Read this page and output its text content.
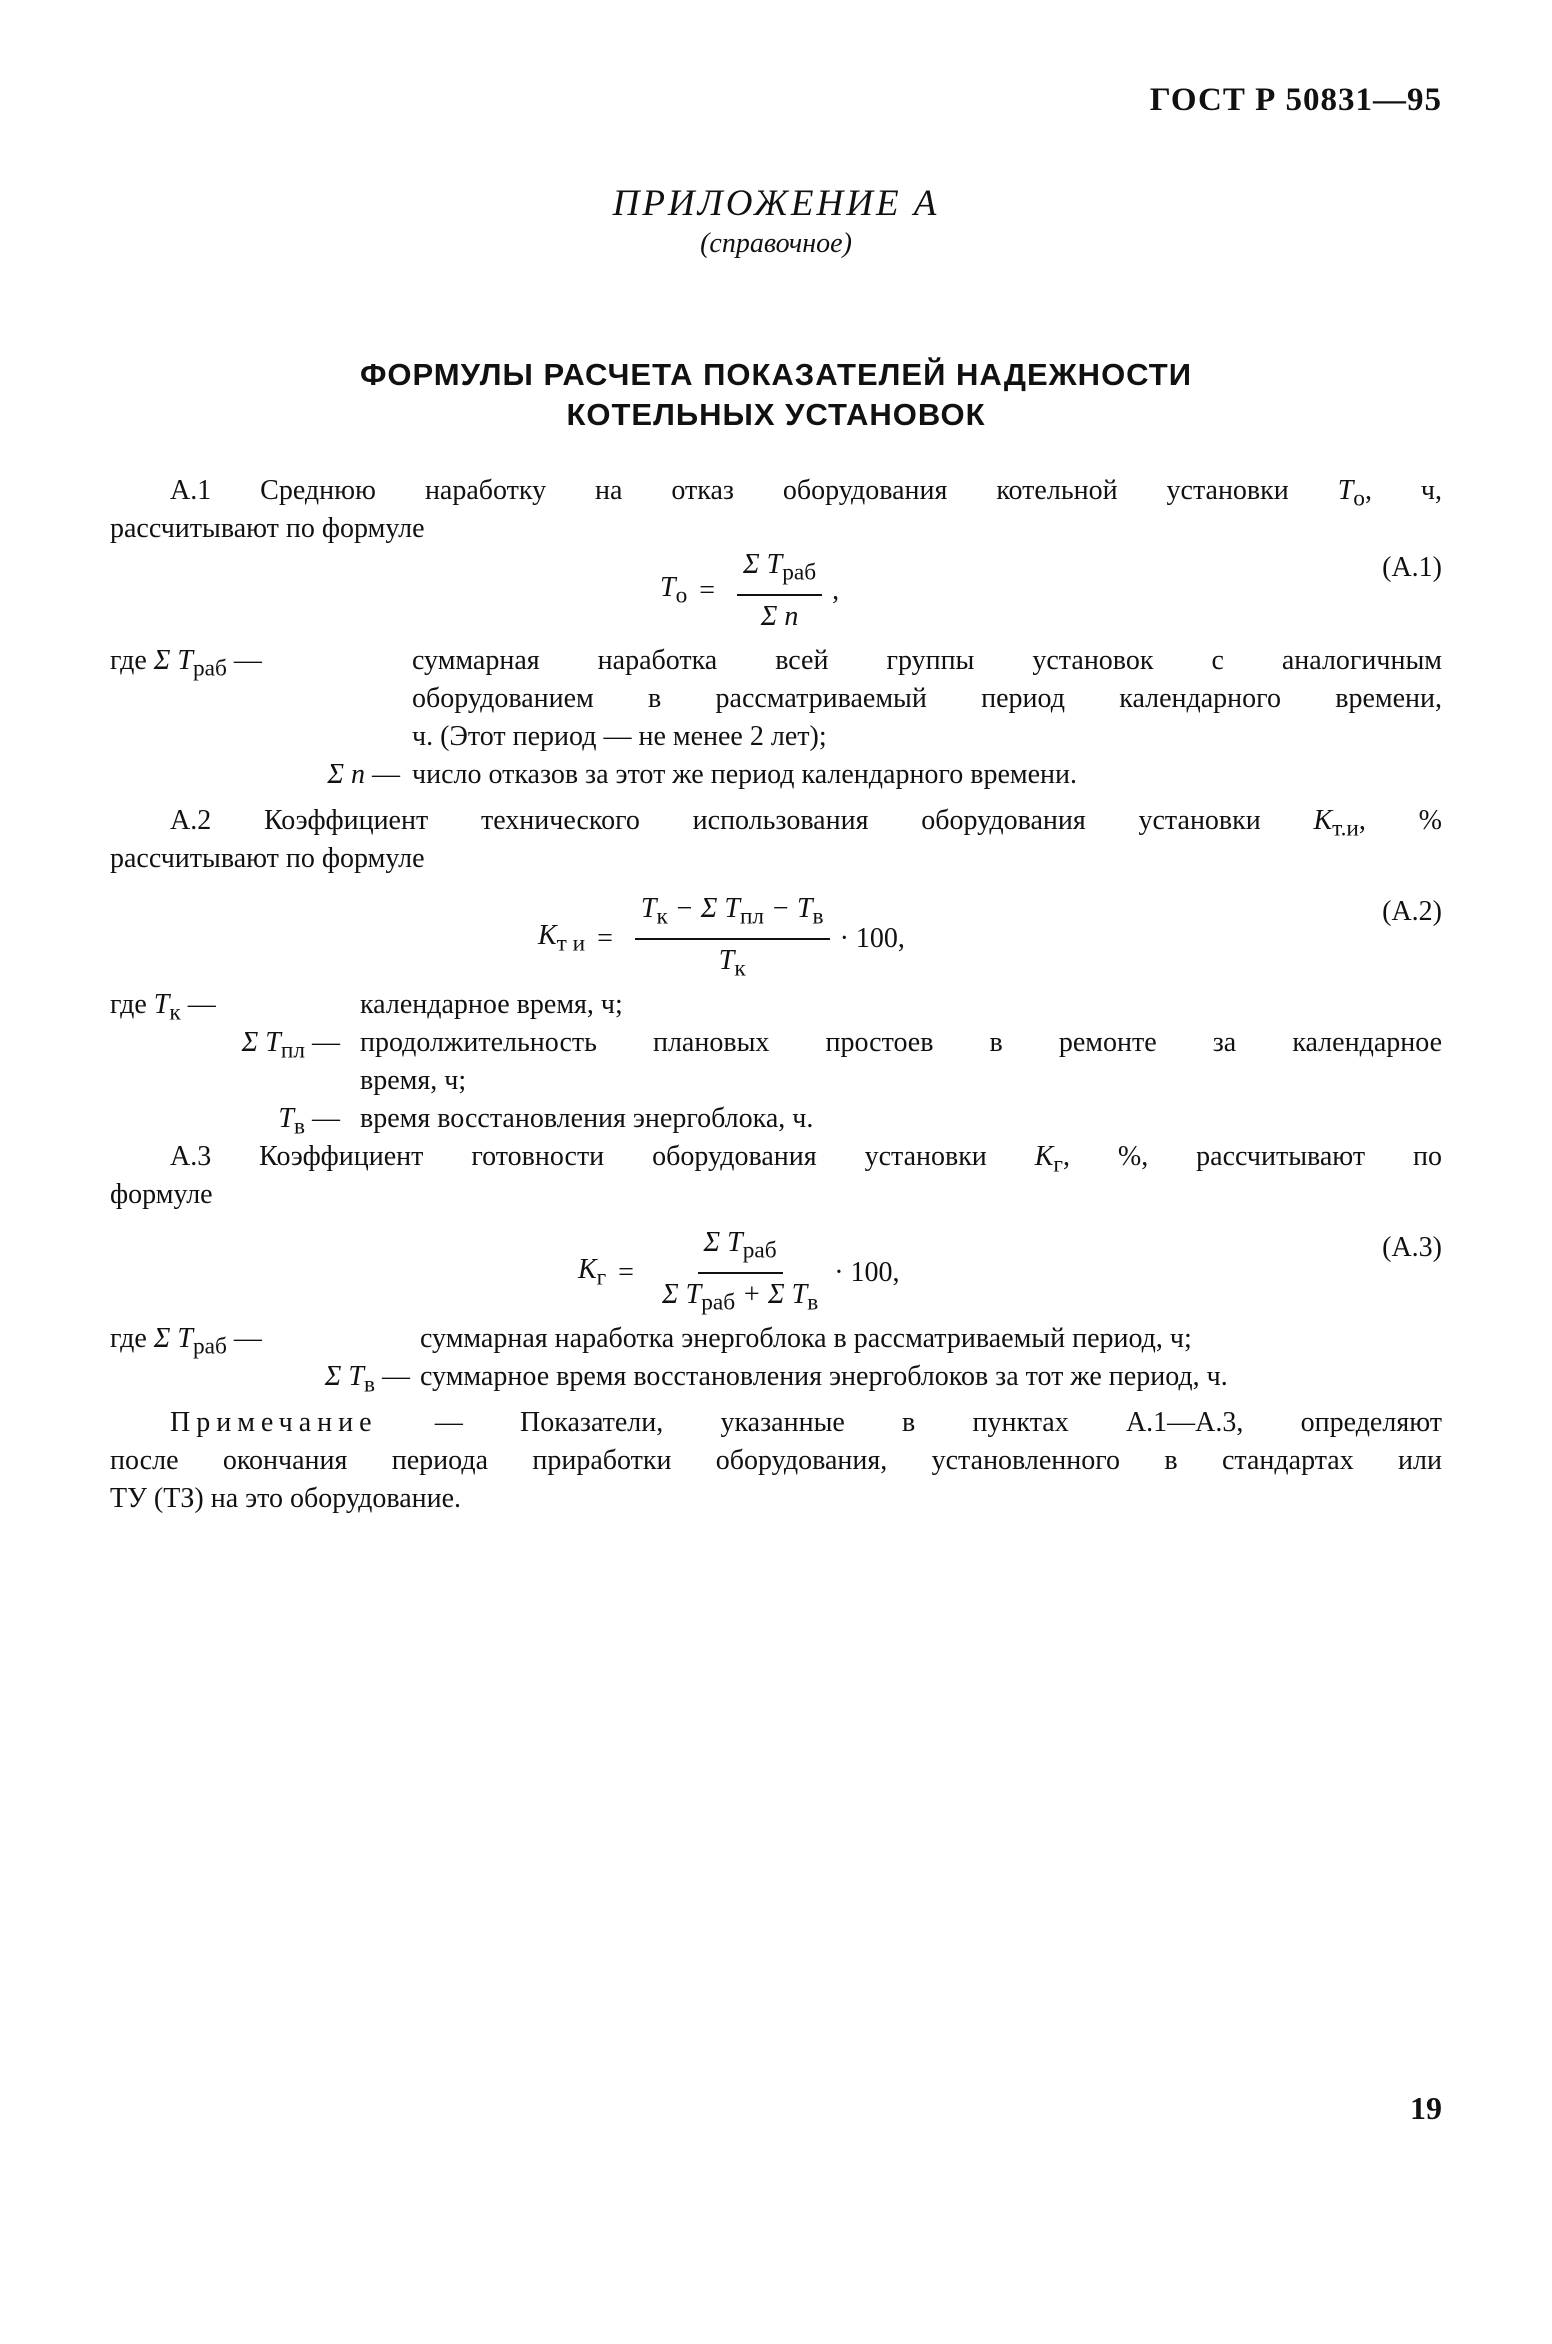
ГОСТ Р 50831—95
ПРИЛОЖЕНИЕ А
(справочное)
ФОРМУЛЫ РАСЧЕТА ПОКАЗАТЕЛЕЙ НАДЕЖНОСТИ
КОТЕЛЬНЫХ УСТАНОВОК
А.1 Среднюю наработку на отказ оборудования котельной установки $Т_о$, ч,
рассчитывают по формуле
$Т_о = \frac{\Sigma Т_{раб}}{\text{Σ n}}$ ,
(А.1)
где Σ $Т_{раб}$ —	суммарная наработка всей группы установок с аналогичным
оборудованием в рассматриваемый период календарного времени,
ч. (Этот период — не менее 2 лет);
Σ n — число отказов за этот же период календарного времени.
А.2 Коэффициент технического использования оборудования установки $К_{т.и}$, %
рассчитывают по формуле
$К_{т и} = \frac{Т_к - \Sigma Т_{пл} - Т_в}{Т_к} \cdot 100$,
(А.2)
где $Т_к$ —	календарное время, ч;
Σ $Т_{пл}$ — продолжительность плановых простоев в ремонте за календарное
время, ч;
$Т_в$ — время восстановления энергоблока, ч.
А.3 Коэффициент готовности оборудования установки $К_г$, %, рассчитывают по
формуле
$К_г = \frac{\Sigma Т_{раб}}{\Sigma Т_{раб} + \Sigma Т_в} \cdot 100$,
(А.3)
где Σ $Т_{раб}$ —	суммарная наработка энергоблока в рассматриваемый период, ч;
Σ $Т_в$ — суммарное время восстановления энергоблоков за тот же период, ч.
Примечание — Показатели, указанные в пунктах А.1—А.3, определяют
после окончания периода приработки оборудования, установленного в стандартах или
ТУ (ТЗ) на это оборудование.
19
